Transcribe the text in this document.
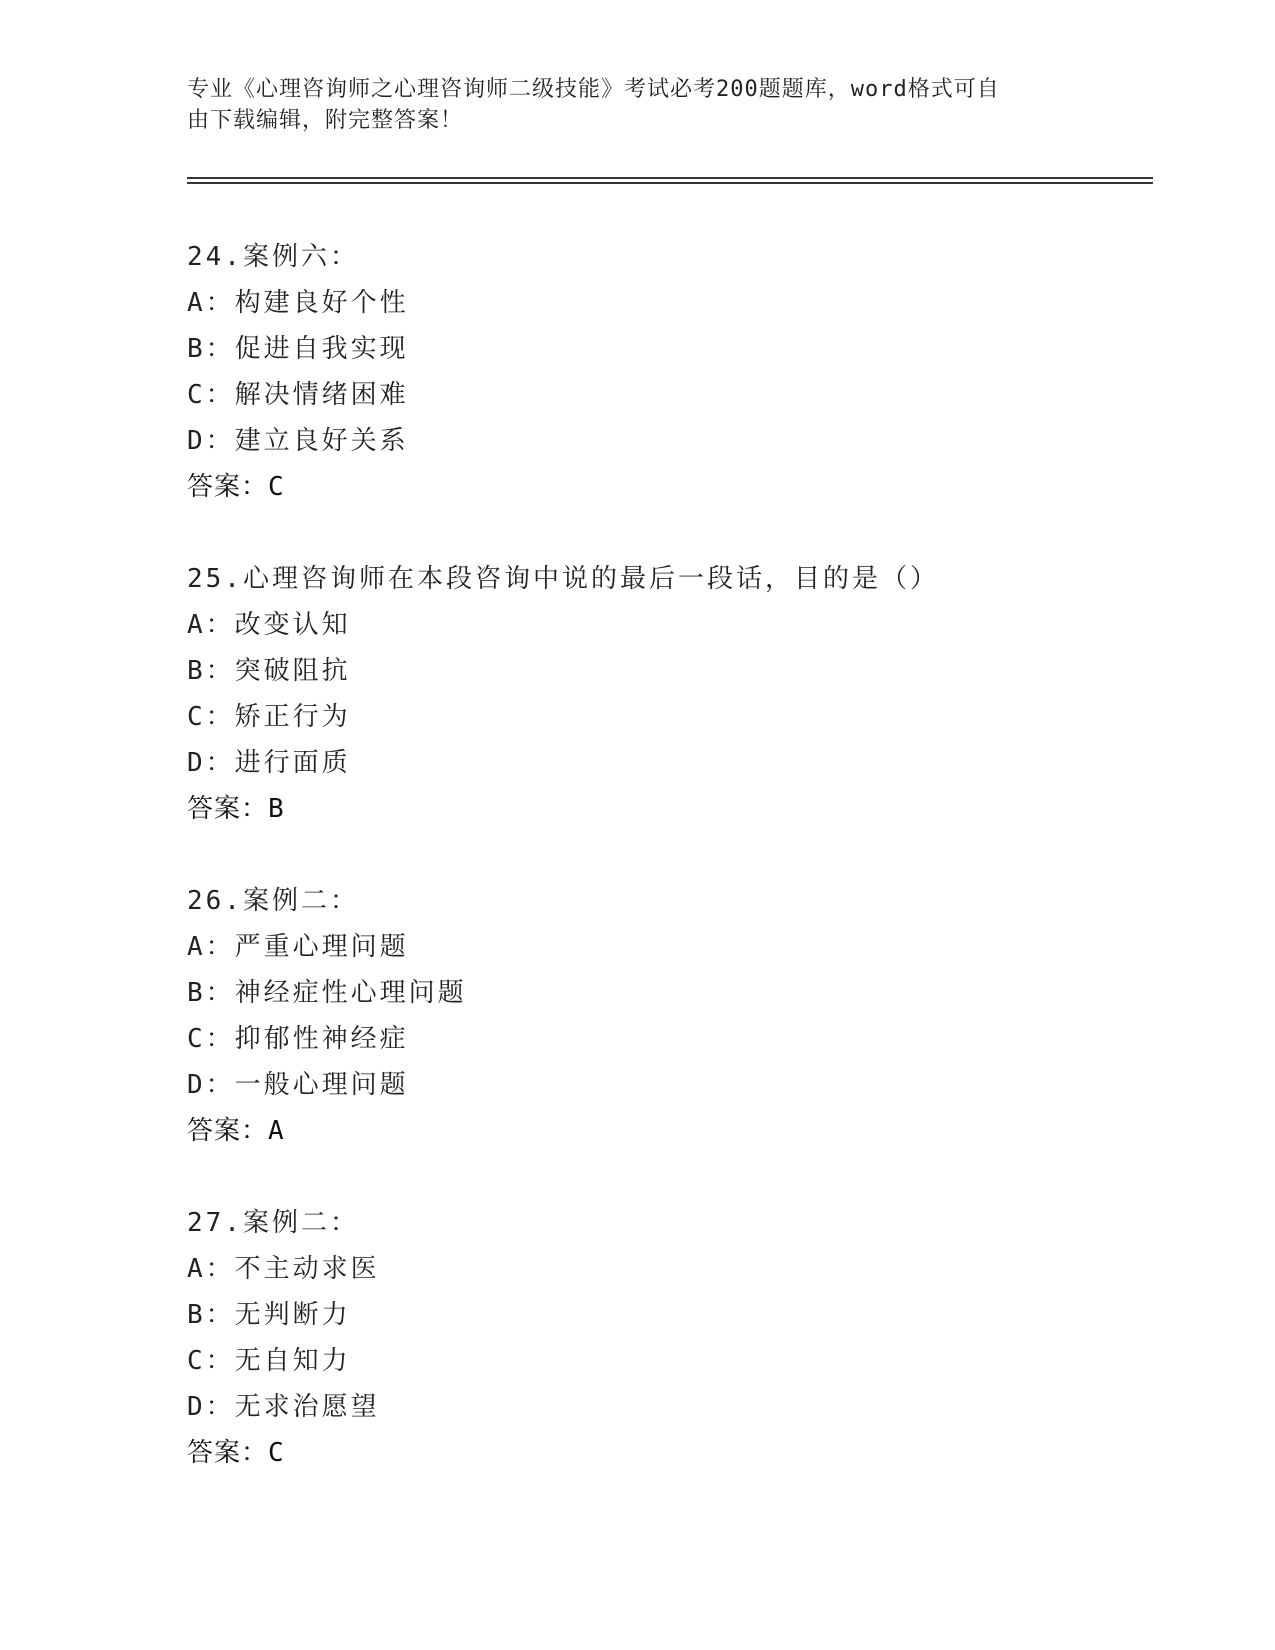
专业《心理咨询师之心理咨询师二级技能》考试必考200题题库，word格式可自
由下载编辑，附完整答案！
24.案例六：
A：构建良好个性
B：促进自我实现
C：解决情绪困难
D：建立良好关系
答案：C
25.心理咨询师在本段咨询中说的最后一段话，目的是（）
A：改变认知
B：突破阻抗
C：矫正行为
D：进行面质
答案：B
26.案例二：
A：严重心理问题
B：神经症性心理问题
C：抑郁性神经症
D：一般心理问题
答案：A
27.案例二：
A：不主动求医
B：无判断力
C：无自知力
D：无求治愿望
答案：C
